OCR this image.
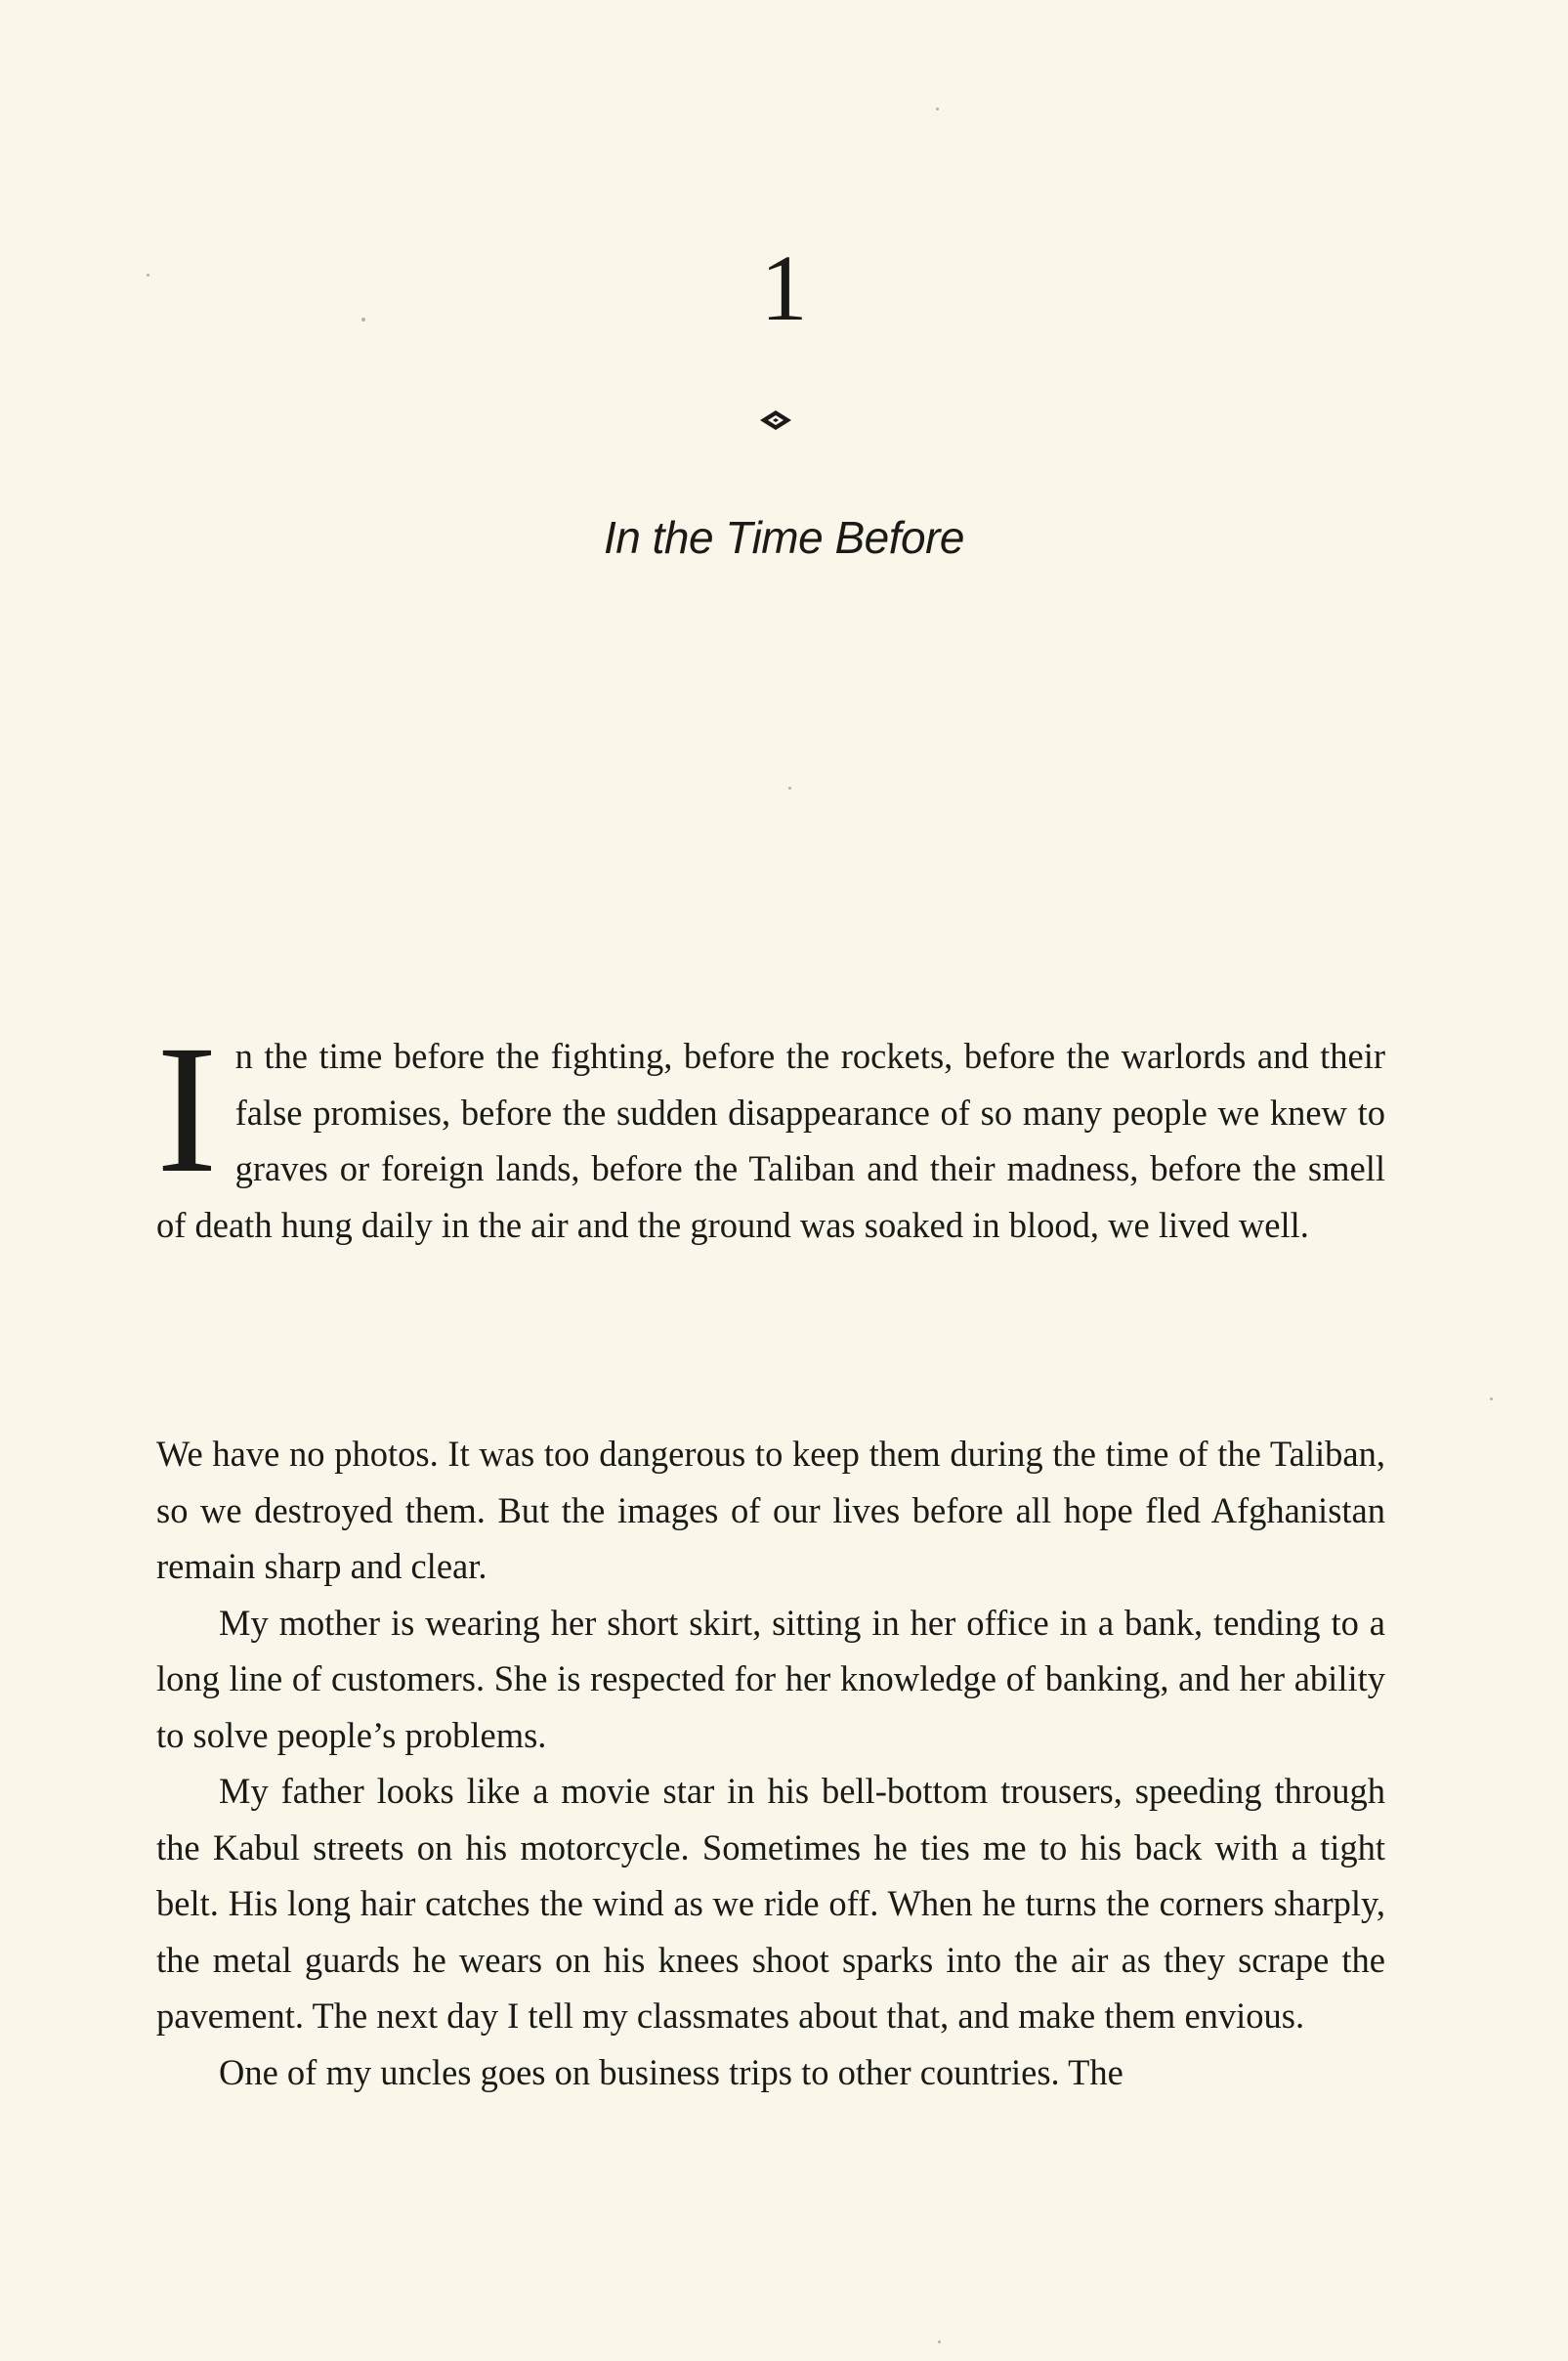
1
In the Time Before
In the time before the fighting, before the rockets, before the warlords and their false promises, before the sudden disappearance of so many people we knew to graves or foreign lands, before the Taliban and their madness, before the smell of death hung daily in the air and the ground was soaked in blood, we lived well.

We have no photos. It was too dangerous to keep them during the time of the Taliban, so we destroyed them. But the images of our lives before all hope fled Afghanistan remain sharp and clear.

My mother is wearing her short skirt, sitting in her office in a bank, tending to a long line of customers. She is respected for her knowledge of banking, and her ability to solve people’s problems.

My father looks like a movie star in his bell-bottom trousers, speeding through the Kabul streets on his motorcycle. Sometimes he ties me to his back with a tight belt. His long hair catches the wind as we ride off. When he turns the corners sharply, the metal guards he wears on his knees shoot sparks into the air as they scrape the pavement. The next day I tell my classmates about that, and make them envious.

One of my uncles goes on business trips to other countries. The
